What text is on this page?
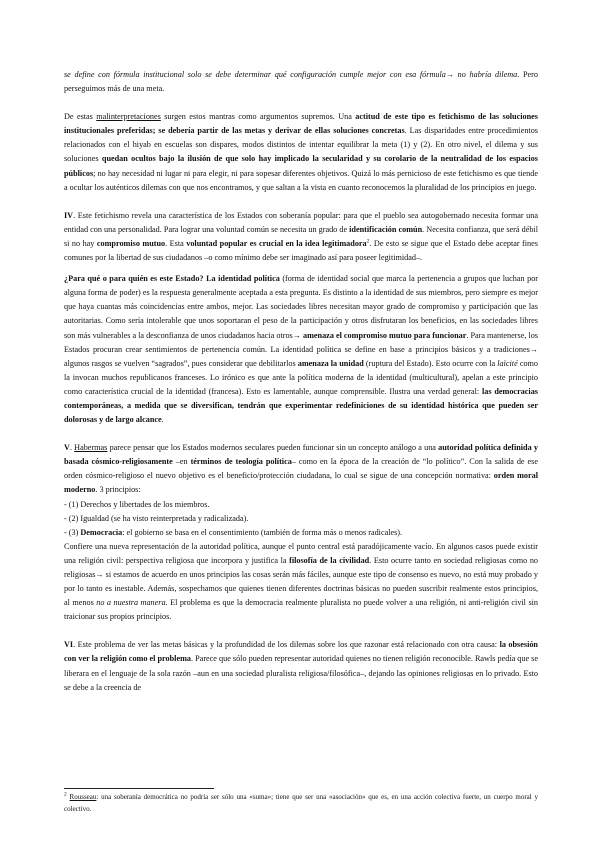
se define con fórmula institucional solo se debe determinar qué configuración cumple mejor con esa fórmula→ no habría dilema. Pero perseguimos más de una meta.

De estas malinterpretaciones surgen estos mantras como argumentos supremos. Una actitud de este tipo es fetichismo de las soluciones institucionales preferidas; se debería partir de las metas y derivar de ellas soluciones concretas. Las disparidades entre procedimientos relacionados con el hiyab en escuelas son dispares, modos distintos de intentar equilibrar la meta (1) y (2). En otro nivel, el dilema y sus soluciones quedan ocultos bajo la ilusión de que solo hay implicado la secularidad y su corolario de la neutralidad de los espacios públicos; no hay necesidad ni lugar ni para elegir, ni para sopesar diferentes objetivos. Quizá lo más pernicioso de este fetichismo es que tiende a ocultar los auténticos dilemas con que nos encontramos, y que saltan a la vista en cuanto reconocemos la pluralidad de los principios en juego.

IV. Este fetichismo revela una característica de los Estados con soberanía popular: para que el pueblo sea autogobernado necesita formar una entidad con una personalidad. Para lograr una voluntad común se necesita un grado de identificación común. Necesita confianza, que será débil si no hay compromiso mutuo. Esta voluntad popular es crucial en la idea legitimadora$^2$. De esto se sigue que el Estado debe aceptar fines comunes por la libertad de sus ciudadanos –o como mínimo debe ser imaginado así para poseer legitimidad–.

¿Para qué o para quién es este Estado? La identidad política (forma de identidad social que marca la pertenencia a grupos que luchan por alguna forma de poder) es la respuesta generalmente aceptada a esta pregunta. Es distinto a la identidad de sus miembros, pero siempre es mejor que haya cuantas más coincidencias entre ambos, mejor. Las sociedades libres necesitan mayor grado de compromiso y participación que las autoritarias. Como sería intolerable que unos soportaran el peso de la participación y otros disfrutaran los beneficios, en las sociedades libres son más vulnerables a la desconfianza de unos ciudadanos hacia otros→ amenaza el compromiso mutuo para funcionar. Para mantenerse, los Estados procuran crear sentimientos de pertenencia común. La identidad política se define en base a principios básicos y a tradiciones→ algunos rasgos se vuelven “sagrados”, pues considerar que debilitarlos amenaza la unidad (ruptura del Estado). Esto ocurre con la laïcité como la invocan muchos republicanos franceses. Lo irónico es que ante la política moderna de la identidad (multicultural), apelan a este principio como característica crucial de la identidad (francesa). Esto es lamentable, aunque comprensible. Ilustra una verdad general: las democracias contemporáneas, a medida que se diversifican, tendrán que experimentar redefiniciones de su identidad histórica que pueden ser dolorosas y de largo alcance.

V. Habermas parece pensar que los Estados modernos seculares pueden funcionar sin un concepto análogo a una autoridad política definida y basada cósmico-religiosamente –en términos de teología política– como en la época de la creación de “lo político”. Con la salida de ese orden cósmico-religioso el nuevo objetivo es el beneficio/protección ciudadana, lo cual se sigue de una concepción normativa: orden moral moderno. 3 principios:

- (1) Derechos y libertades de los miembros.

- (2) Igualdad (se ha visto reinterpretada y radicalizada).

- (3) Democracia: el gobierno se basa en el consentimiento (también de forma más o menos radicales).

Confiere una nueva representación de la autoridad política, aunque el punto central está paradójicamente vacío. En algunos casos puede existir una religión civil: perspectiva religiosa que incorpora y justifica la filosofía de la civilidad. Esto ocurre tanto en sociedad religiosas como no religiosas→ si estamos de acuerdo en unos principios las cosas serán más fáciles, aunque este tipo de consenso es nuevo, no está muy probado y por lo tanto es inestable. Además, sospechamos que quienes tienen diferentes doctrinas básicas no pueden suscribir realmente estos principios, al menos no a nuestra manera. El problema es que la democracia realmente pluralista no puede volver a una religión, ni anti-religión civil sin traicionar sus propios principios.

VI. Este problema de ver las metas básicas y la profundidad de los dilemas sobre los que razonar está relacionado con otra causa: la obsesión con ver la religión como el problema. Parece que sólo pueden representar autoridad quienes no tienen religión reconocible. Rawls pedía que se liberara en el lenguaje de la sola razón –aun en una sociedad pluralista religiosa/filosófica–, dejando las opiniones religiosas en lo privado. Esto se debe a la creencia de

$^2$ Rousseau: una soberanía democrática no podría ser sólo una «suma»; tiene que ser una «asociación» que es, en una acción colectiva fuerte, un cuerpo moral y colectivo.
